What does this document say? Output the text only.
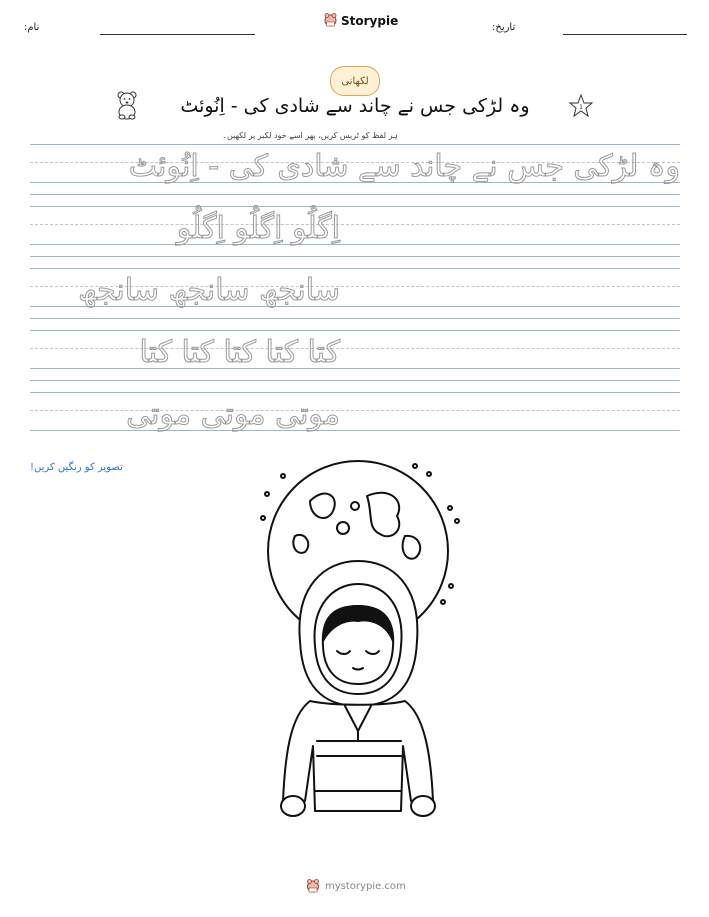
نام:	Storypie	تاریخ:
لکھانی
وہ لڑکی جس نے چاند سے شادی کی - اِنُوئٹ	1
ہر لفظ کو ٹریس کریں، پھر اسے خود لکیر پر لکھیں۔
وہ لڑکی جس نے چاند سے شادی کی - اِنُوئٹ
اِگلُو اِگلُو اِگلُو
سانجھ سانجھ سانجھ
کتا کتا کتا کتا کتا
موتی موتی موتی
تصویر کو رنگین کریں!
mystorypie.com
